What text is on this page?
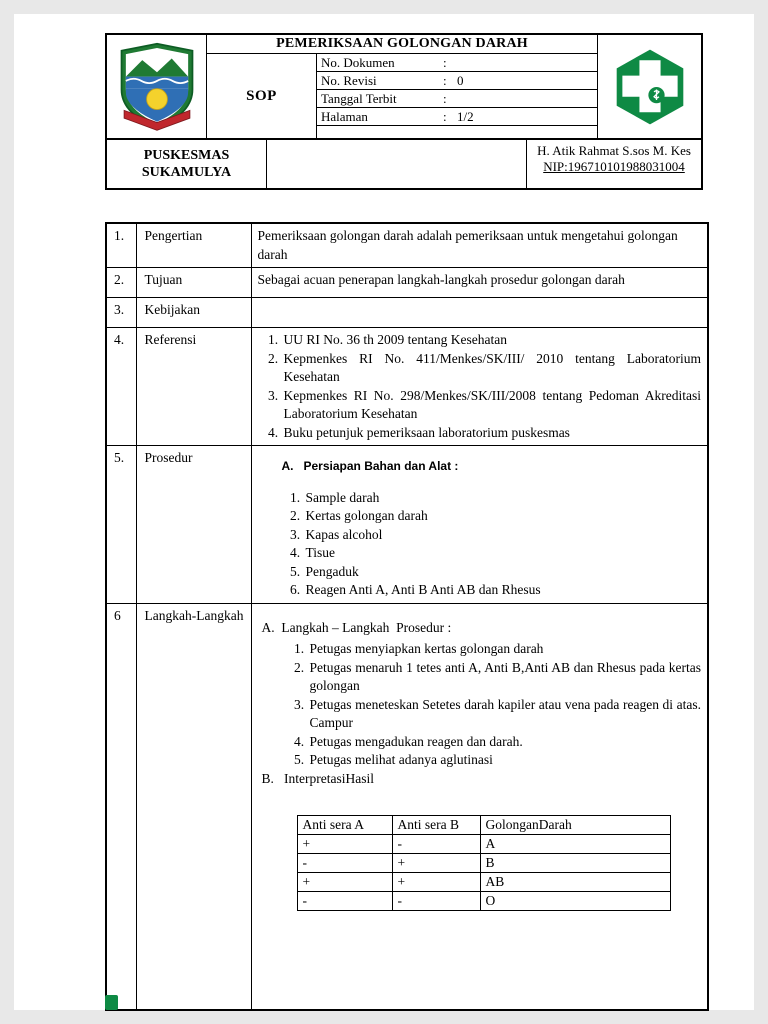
PEMERIKSAAN GOLONGAN DARAH
SOP
No. Dokumen	:
No. Revisi	: 0
Tanggal Terbit	:
Halaman	: 1/2
PUSKESMAS SUKAMULYA
H. Atik Rahmat S.sos M. Kes
NIP:196710101988031004
1.	Pengertian	Pemeriksaan golongan darah adalah pemeriksaan untuk mengetahui golongan darah
2.	Tujuan	Sebagai acuan penerapan langkah-langkah prosedur golongan darah
3.	Kebijakan	
4.	Referensi	
1.UU RI No. 36 th 2009 tentang Kesehatan
2. Kepmenkes RI No. 411/Menkes/SK/III/ 2010 tentang Laboratorium Kesehatan
3. Kepmenkes RI No. 298/Menkes/SK/III/2008 tentang Pedoman Akreditasi Laboratorium Kesehatan
4. Buku petunjuk pemeriksaan laboratorium puskesmas

5.	Prosedur	
A.   Persiapan Bahan dan Alat :
1. Sample darah
2. Kertas golongan darah
3. Kapas alcohol
4. Tisue
5. Pengaduk
6. Reagen Anti A, Anti B Anti AB dan Rhesus

6	Langkah-Langkah	
A.  Langkah – Langkah  Prosedur :
1. Petugas menyiapkan kertas golongan darah
2. Petugas menaruh 1 tetes anti A, Anti B,Anti AB dan Rhesus pada kertas golongan
3. Petugas meneteskan Setetes darah kapiler atau vena pada reagen di atas. Campur
4. Petugas mengadukan reagen dan darah.
5. Petugas melihat adanya aglutinasi
B.   InterpretasiHasil
Anti sera A	Anti sera B	GolonganDarah
+	-	A
-	+	B
+	+	AB
-	-	O
